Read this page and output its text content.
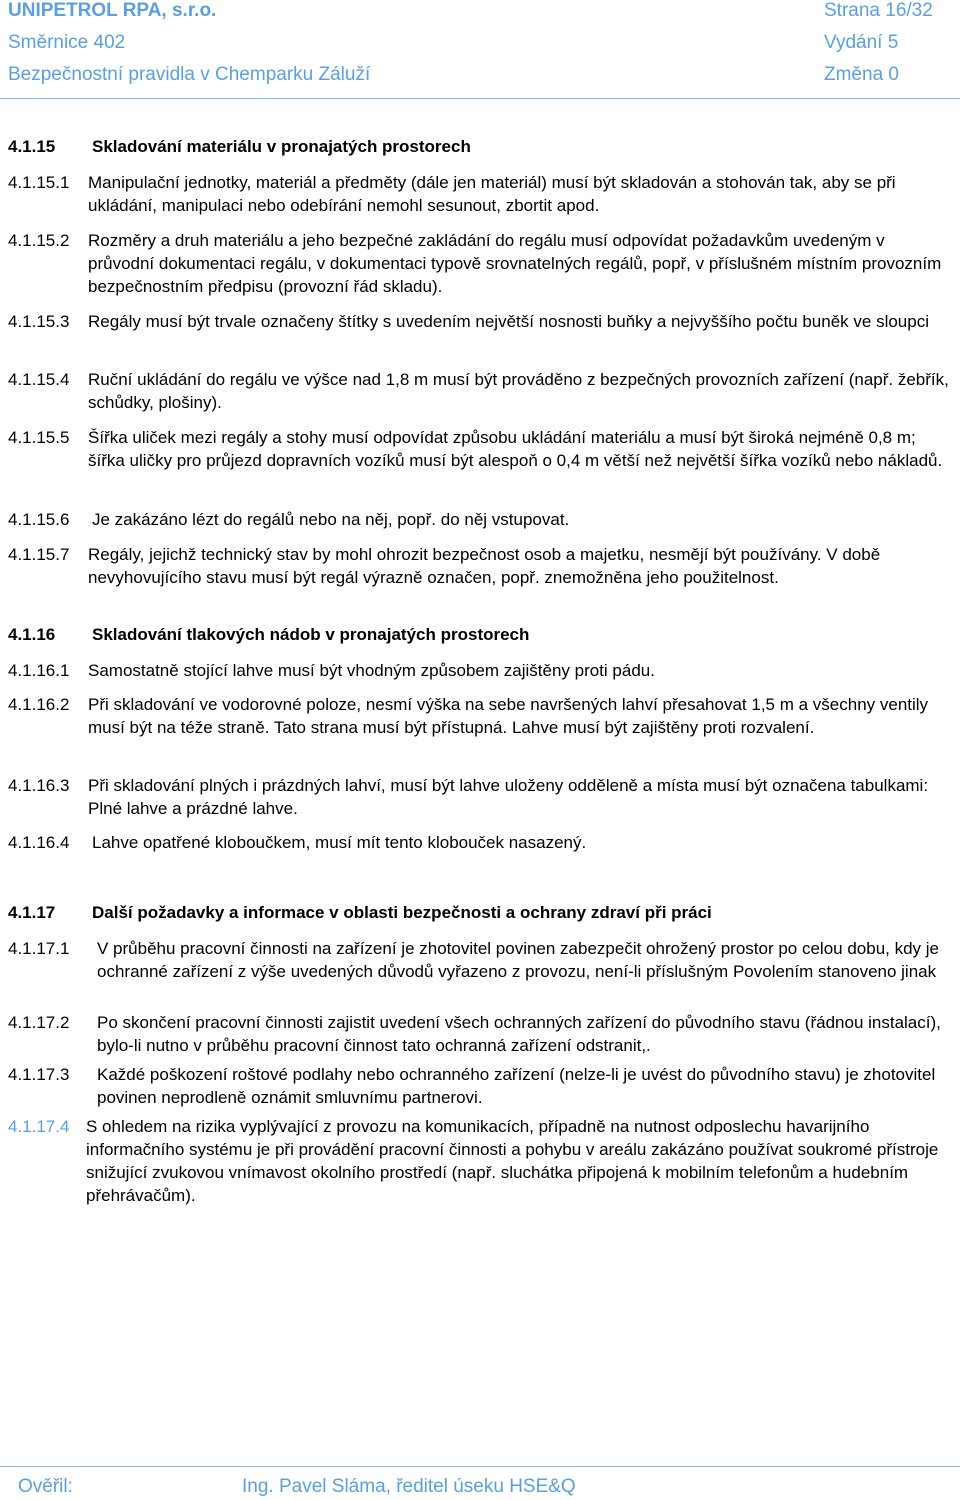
UNIPETROL RPA, s.r.o.	Strana 16/32
Směrnice 402	Vydání 5
Bezpečnostní pravidla v Chemparku Záluží	Změna 0
4.1.15	Skladování materiálu v pronajatých prostorech
4.1.15.1	Manipulační jednotky, materiál a předměty (dále jen materiál) musí být skladován a stohován tak, aby se při ukládání, manipulaci nebo odebírání nemohl sesunout, zbortit apod.
4.1.15.2	Rozměry a druh materiálu a jeho bezpečné zakládání do regálu musí odpovídat požadavkům uvedeným v průvodní dokumentaci regálu, v dokumentaci typově srovnatelných regálů, popř, v příslušném místním provozním bezpečnostním předpisu (provozní řád skladu).
4.1.15.3	Regály musí být trvale označeny štítky s uvedením největší nosnosti buňky a nejvyššího počtu buněk ve sloupci
4.1.15.4	Ruční ukládání do regálu ve výšce nad 1,8 m musí být prováděno z bezpečných provozních zařízení (např. žebřík, schůdky, plošiny).
4.1.15.5	Šířka uliček mezi regály a stohy musí odpovídat způsobu ukládání materiálu a musí být široká nejméně 0,8 m; šířka uličky pro průjezd dopravních vozíků musí být alespoň o 0,4 m větší než největší šířka vozíků nebo nákladů.
4.1.15.6	Je zakázáno lézt do regálů nebo na něj, popř. do něj vstupovat.
4.1.15.7	Regály, jejichž technický stav by mohl ohrozit bezpečnost osob a majetku, nesmějí být používány. V době nevyhovujícího stavu musí být regál výrazně označen, popř. znemožněna jeho použitelnost.
4.1.16	Skladování tlakových nádob v pronajatých prostorech
4.1.16.1	Samostatně stojící lahve musí být vhodným způsobem zajištěny proti pádu.
4.1.16.2	Při skladování ve vodorovné poloze, nesmí výška na sebe navršených lahví přesahovat 1,5 m a všechny ventily musí být na téže straně. Tato strana musí být přístupná. Lahve musí být zajištěny proti rozvalení.
4.1.16.3	Při skladování plných i prázdných lahví, musí být lahve uloženy odděleně a místa musí být označena tabulkami: Plné lahve a prázdné lahve.
4.1.16.4	Lahve opatřené kloboučkem, musí mít tento klobouček nasazený.
4.1.17	Další požadavky a informace v oblasti bezpečnosti a ochrany zdraví při práci
4.1.17.1	V průběhu pracovní činnosti na zařízení je zhotovitel povinen zabezpečit ohrožený prostor po celou dobu, kdy je ochranné zařízení z výše uvedených důvodů vyřazeno z provozu, není-li příslušným Povolením stanoveno jinak
4.1.17.2	Po skončení pracovní činnosti zajistit uvedení všech ochranných zařízení do původního stavu (řádnou instalací), bylo-li nutno v průběhu pracovní činnost tato ochranná zařízení odstranit,.
4.1.17.3	Každé poškození roštové podlahy nebo ochranného zařízení (nelze-li je uvést do původního stavu) je zhotovitel povinen neprodleně oznámit smluvnímu partnerovi.
4.1.17.4 S ohledem na rizika vyplývající z provozu na komunikacích, případně na nutnost odposlechu havarijního informačního systému je při provádění pracovní činnosti a pohybu v areálu zakázáno používat soukromé přístroje snižující zvukovou vnímavost okolního prostředí (např. sluchátka připojená k mobilním telefonům a hudebním přehrávačům).
Ověřil:	Ing. Pavel Sláma, ředitel úseku HSE&Q
